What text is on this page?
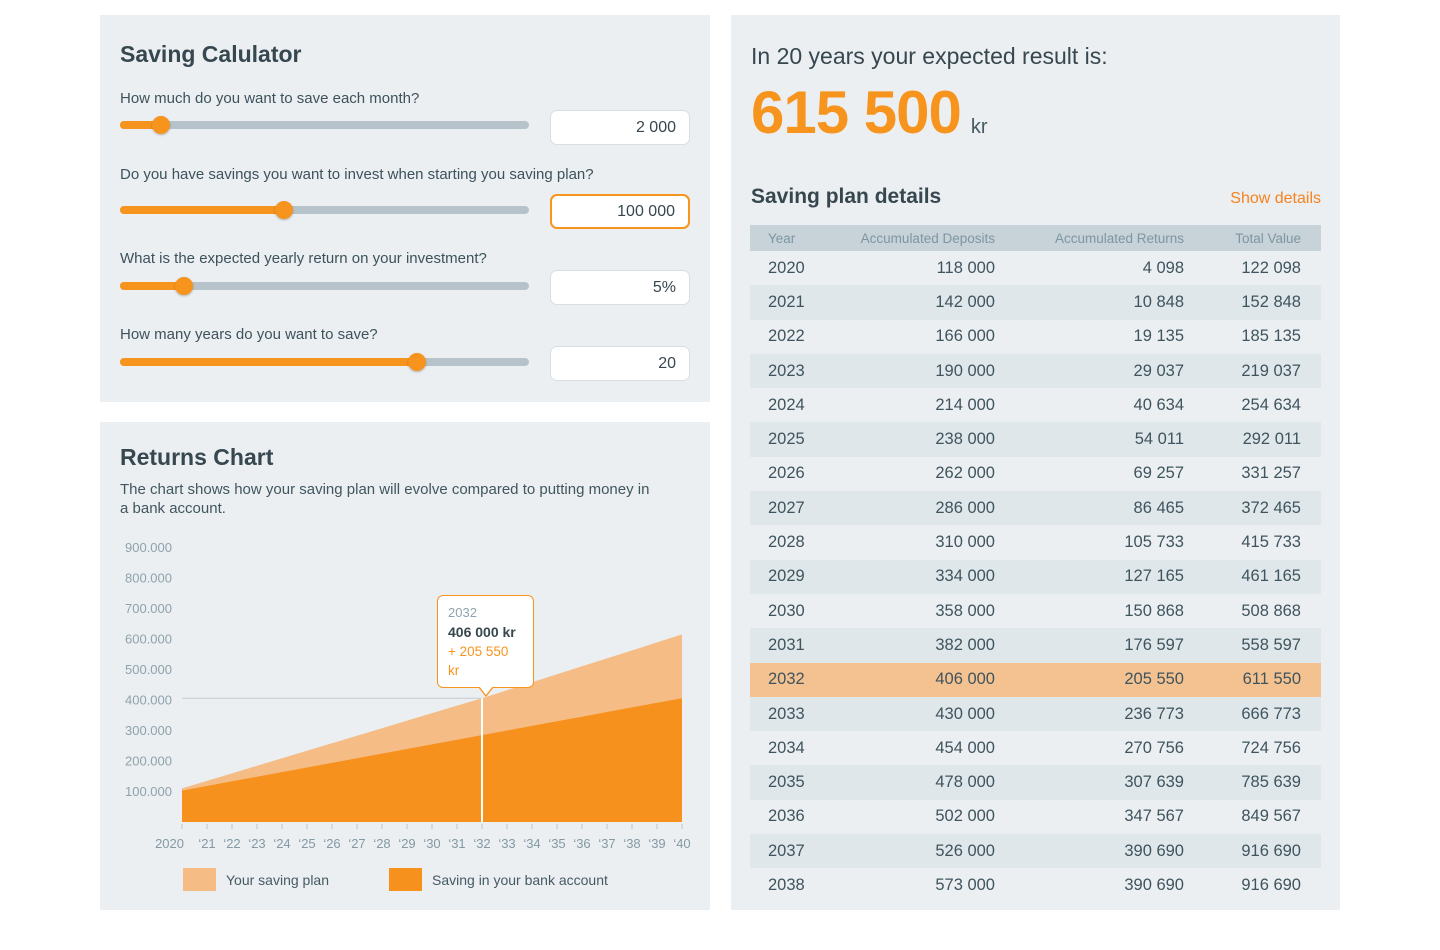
Saving Calulator
How much do you want to save each month?
2 000
Do you have savings you want to invest when starting you saving plan?
100 000
What is the expected yearly return on your investment?
5%
How many years do you want to save?
20
Returns Chart

The chart shows how your saving plan will evolve compared to putting money in a bank account.

2020 ‘21 ‘22 ‘23 ‘24 ‘25 ‘26 ‘27 ‘28 ‘29 ‘30 ‘31 ‘32 ‘33 ‘34 ‘35 ‘36 ‘37 ‘38 ‘39 ‘40
100.000
200.000
300.000
400.000
500.000
600.000
700.000
800.000
900.000
2032
406 000 kr
+ 205 550 kr
Your saving plan	Saving in your bank account
In 20 years your expected result is:
615 500 kr
Saving plan details	Show details
Year	Accumulated Deposits	Accumulated Returns	Total Value
2020	118 000	4 098	122 098
2021	142 000	10 848	152 848
2022	166 000	19 135	185 135
2023	190 000	29 037	219 037
2024	214 000	40 634	254 634
2025	238 000	54 011	292 011
2026	262 000	69 257	331 257
2027	286 000	86 465	372 465
2028	310 000	105 733	415 733
2029	334 000	127 165	461 165
2030	358 000	150 868	508 868
2031	382 000	176 597	558 597
2032	406 000	205 550	611 550
2033	430 000	236 773	666 773
2034	454 000	270 756	724 756
2035	478 000	307 639	785 639
2036	502 000	347 567	849 567
2037	526 000	390 690	916 690
2038	573 000	390 690	916 690
